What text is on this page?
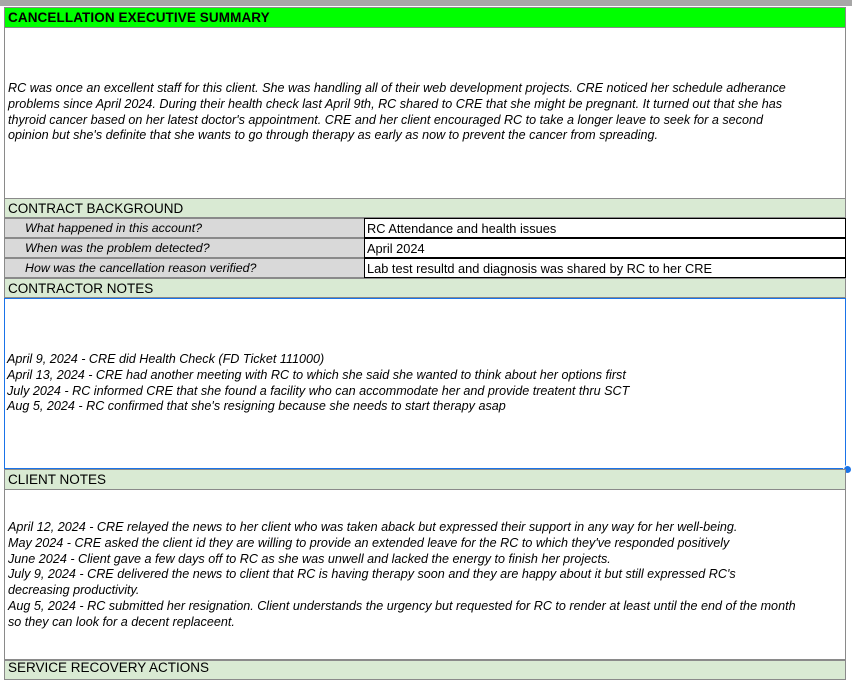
CANCELLATION EXECUTIVE SUMMARY
RC was once an excellent staff for this client. She was handling all of their web development projects. CRE noticed her schedule adherance
problems since April 2024. During their health check last April 9th, RC shared to CRE that she might be pregnant. It turned out that she has
thyroid cancer based on her latest doctor's appointment. CRE and her client encouraged RC to take a longer leave to seek for a second
opinion but she's definite that she wants to go through therapy as early as now to prevent the cancer from spreading.
CONTRACT BACKGROUND
What happened in this account?	RC Attendance and health issues
When was the problem detected?	April 2024
How was the cancellation reason verified?	Lab test resultd and diagnosis was shared by RC to her CRE
CONTRACTOR NOTES
April 9, 2024 - CRE did Health Check (FD Ticket 111000)
April 13, 2024 - CRE had another meeting with RC to which she said she wanted to think about her options first
July 2024 - RC informed CRE that she found a facility who can accommodate her and provide treatent thru SCT
Aug 5, 2024 - RC confirmed that she's resigning because she needs to start therapy asap
CLIENT NOTES
April 12, 2024 - CRE relayed the news to her client who was taken aback but expressed their support in any way for her well-being.
May 2024 - CRE asked the client id they are willing to provide an extended leave for the RC to which they've responded positively
June 2024 - Client gave a few days off to RC as she was unwell and lacked the energy to finish her projects.
July 9, 2024 - CRE delivered the news to client that RC is having therapy soon and they are happy about it but still expressed RC's
decreasing productivity.
Aug 5, 2024 - RC submitted her resignation. Client understands the urgency but requested for RC to render at least until the end of the month
so they can look for a decent replaceent.
SERVICE RECOVERY ACTIONS
